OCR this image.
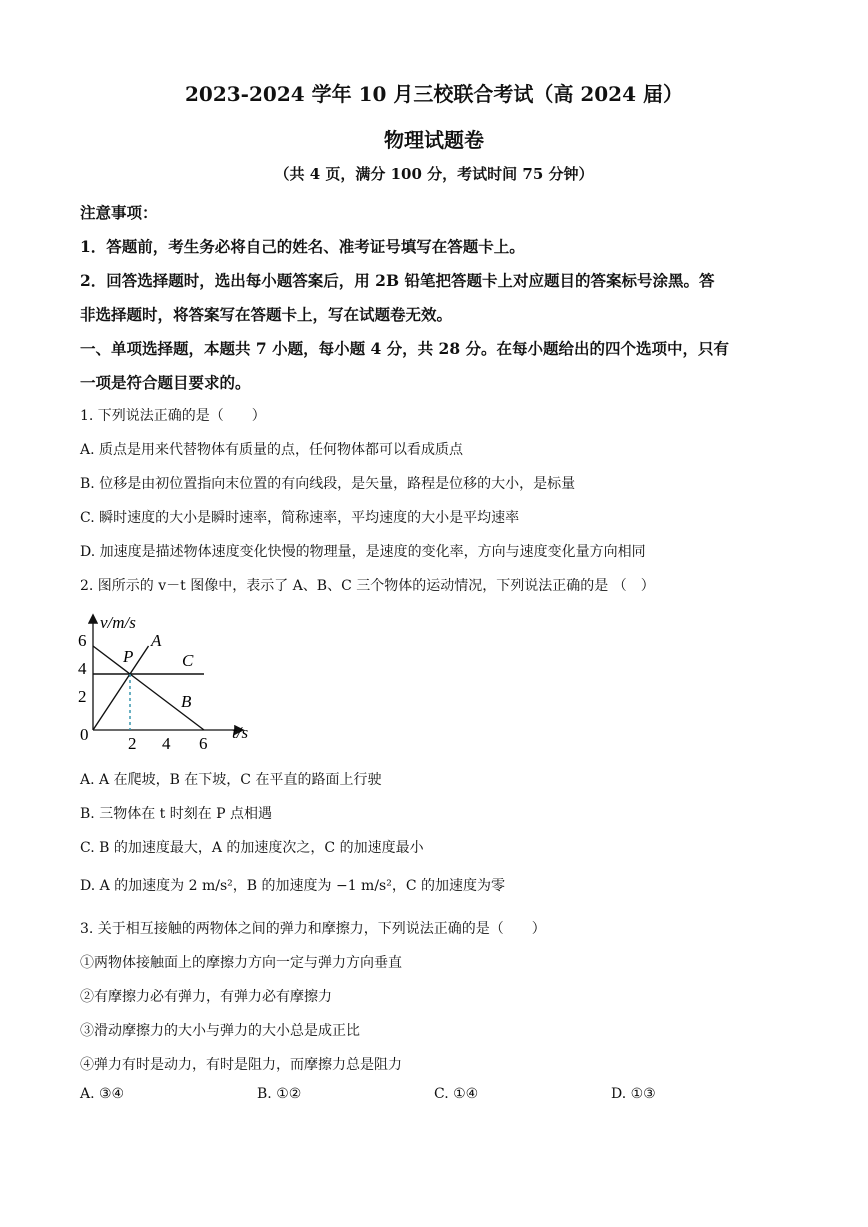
2023-2024 学年 10 月三校联合考试（高 2024 届）
物理试题卷
（共 4 页，满分 100 分，考试时间 75 分钟）
注意事项：
1．答题前，考生务必将自己的姓名、准考证号填写在答题卡上。
2．回答选择题时，选出每小题答案后，用 2B 铅笔把答题卡上对应题目的答案标号涂黑。答
非选择题时，将答案写在答题卡上，写在试题卷无效。
一、单项选择题，本题共 7 小题，每小题 4 分，共 28 分。在每小题给出的四个选项中，只有
一项是符合题目要求的。
1. 下列说法正确的是（　　）
A. 质点是用来代替物体有质量的点，任何物体都可以看成质点
B. 位移是由初位置指向末位置的有向线段，是矢量，路程是位移的大小，是标量
C. 瞬时速度的大小是瞬时速率，简称速率，平均速度的大小是平均速率
D. 加速度是描述物体速度变化快慢的物理量，是速度的变化率，方向与速度变化量方向相同
2. 图所示的 v－t 图像中，表示了 A、B、C 三个物体的运动情况，下列说法正确的是 （　）
v/m/s
t/s
0
6
4
2
2 4 6
A
P	C
B
A. A 在爬坡，B 在下坡，C 在平直的路面上行驶
B. 三物体在 t 时刻在 P 点相遇
C. B 的加速度最大，A 的加速度次之，C 的加速度最小
D. A 的加速度为 2 m/s²，B 的加速度为 −1 m/s²，C 的加速度为零
3. 关于相互接触的两物体之间的弹力和摩擦力，下列说法正确的是（　　）
①两物体接触面上的摩擦力方向一定与弹力方向垂直
②有摩擦力必有弹力，有弹力必有摩擦力
③滑动摩擦力的大小与弹力的大小总是成正比
④弹力有时是动力，有时是阻力，而摩擦力总是阻力
A. ③④	B. ①②	C. ①④	D. ①③
